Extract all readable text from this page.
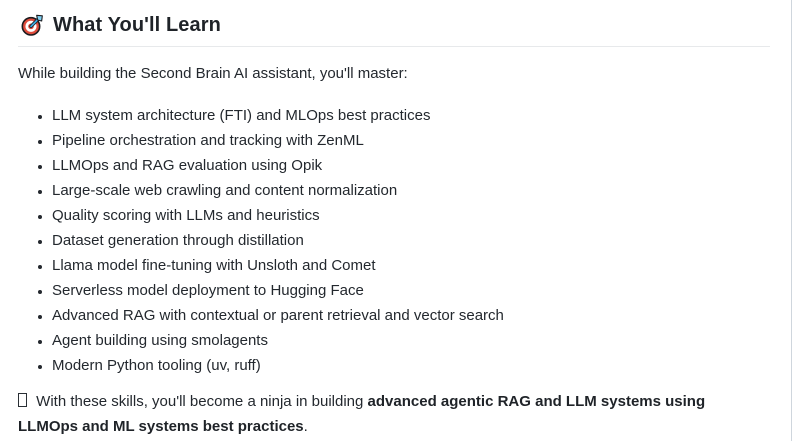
What You'll Learn

While building the Second Brain AI assistant, you'll master:

• LLM system architecture (FTI) and MLOps best practices
• Pipeline orchestration and tracking with ZenML
• LLMOps and RAG evaluation using Opik
• Large-scale web crawling and content normalization
• Quality scoring with LLMs and heuristics
• Dataset generation through distillation
• Llama model fine-tuning with Unsloth and Comet
• Serverless model deployment to Hugging Face
• Advanced RAG with contextual or parent retrieval and vector search
• Agent building using smolagents
• Modern Python tooling (uv, ruff)

With these skills, you'll become a ninja in building advanced agentic RAG and LLM systems using LLMOps and ML systems best practices.
